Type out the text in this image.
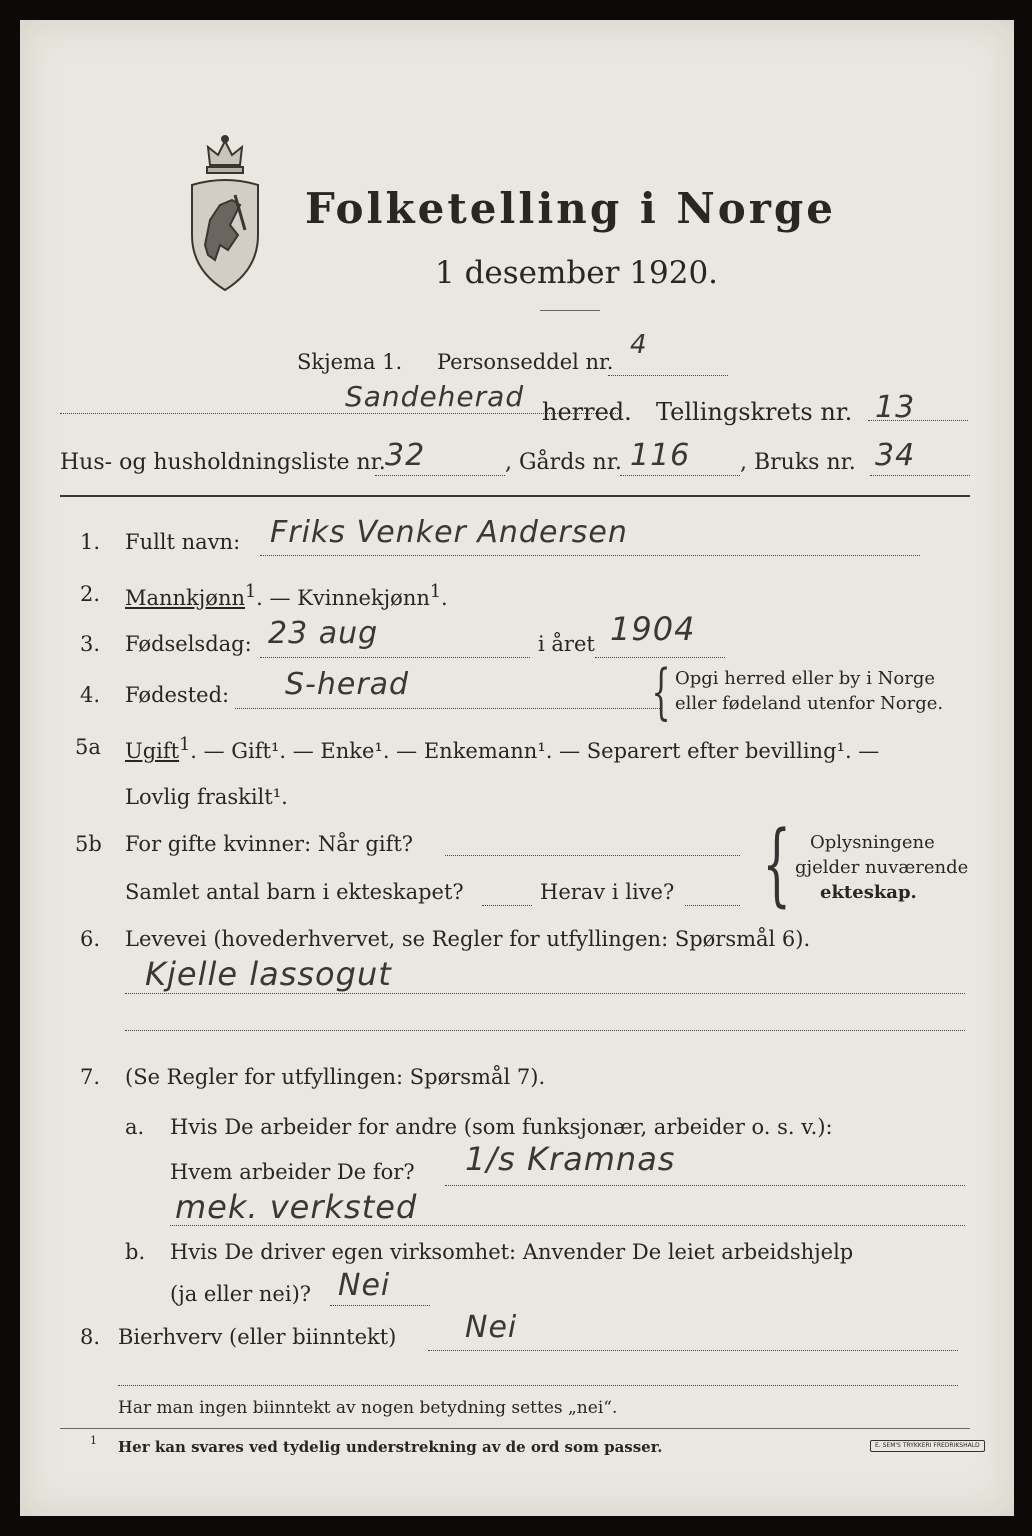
Folketelling i Norge
1 desember 1920.
Skjema 1. Personseddel nr.
4
Sandeherad herred. Tellingskrets nr. 13
Hus- og husholdningsliste nr. 32	, Gårds nr. 116 , Bruks nr. 34
1. Fullt navn: Friks Venker Andersen
2. Mannkjønn$^1$. — Kvinnekjønn$^1$.
3. Fødselsdag: 23 aug	i året 1904
4. Fødested: S-herad	{ Opgi herred eller by i Norge
eller fødeland utenfor Norge.
5a Ugift$^1$. — Gift¹. — Enke¹. — Enkemann¹. — Separert efter bevilling¹. —
Lovlig fraskilt¹.
5b For gifte kvinner: Når gift?
Samlet antal barn i ekteskapet?	Herav i live? { Oplysningene
gjelder nuværende
ekteskap.
6. Levevei (hovederhvervet, se Regler for utfyllingen: Spørsmål 6).
Kjelle lassogut
7. (Se Regler for utfyllingen: Spørsmål 7).
a. Hvis De arbeider for andre (som funksjonær, arbeider o. s. v.):
Hvem arbeider De for? 1/s Kramnas
mek. verksted
b. Hvis De driver egen virksomhet: Anvender De leiet arbeidshjelp
(ja eller nei)? Nei
8. Bierhverv (eller biinntekt) Nei
Har man ingen biinntekt av nogen betydning settes „nei“.
1 Her kan svares ved tydelig understrekning av de ord som passer.	E. SEM'S TRYKKERI FREDRIKSHALD
